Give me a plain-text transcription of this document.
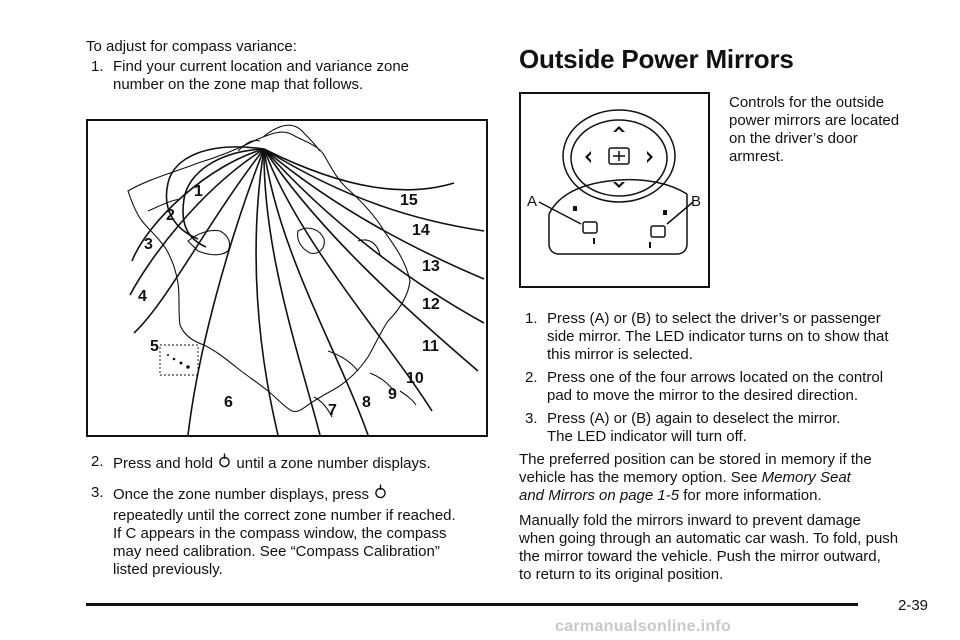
To adjust for compass variance:
1. Find your current location and variance zone
number on the zone map that follows.
1
2
3
4
5
6	7 8 9
10
11
12
13
14
15
2. Press and hold until a zone number displays.
3. Once the zone number displays, press
repeatedly until the correct zone number if reached.
If C appears in the compass window, the compass
may need calibration. See “Compass Calibration”
listed previously.
Outside Power Mirrors
A	B
Controls for the outside
power mirrors are located
on the driver’s door
armrest.
1. Press (A) or (B) to select the driver’s or passenger
side mirror. The LED indicator turns on to show that
this mirror is selected.
2. Press one of the four arrows located on the control
pad to move the mirror to the desired direction.
3. Press (A) or (B) again to deselect the mirror.
The LED indicator will turn off.
The preferred position can be stored in memory if the
vehicle has the memory option. See Memory Seat
and Mirrors on page 1-5 for more information.
Manually fold the mirrors inward to prevent damage
when going through an automatic car wash. To fold, push
the mirror toward the vehicle. Push the mirror outward,
to return to its original position.
2-39
carmanualsonline.info
